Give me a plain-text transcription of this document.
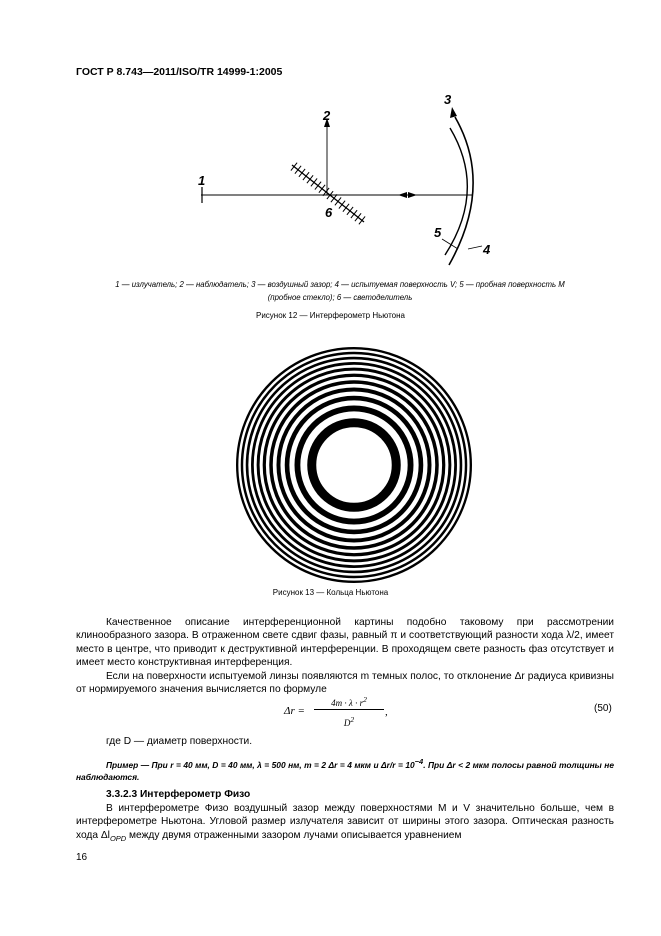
ГОСТ Р 8.743—2011/ISO/TR 14999-1:2005
1
2
3
4
5
6
1 — излучатель; 2 — наблюдатель; 3 — воздушный зазор; 4 — испытуемая поверхность V; 5 — пробная поверхность M
(пробное стекло); 6 — светоделитель
Рисунок 12 — Интерферометр Ньютона
Рисунок 13 — Кольца Ньютона
Качественное описание интерференционной картины подобно таковому при рассмотрении клинообразного зазора. В отраженном свете сдвиг фазы, равный π и соответствующий разности хода λ/2, имеет место в центре, что приводит к деструктивной интерференции. В проходящем свете разность фаз отсутствует и имеет место конструктивная интерференция.
Если на поверхности испытуемой линзы появляются m темных полос, то отклонение Δr радиуса кривизны от нормируемого значения вычисляется по формуле
Δr =
$4m \cdot \lambda \cdot r^2$
$D^2$
,	(50)
где D — диаметр поверхности.
Пример — При r = 40 мм, D = 40 мм, λ = 500 нм, m = 2 Δr = 4 мкм и $\Delta r/r = 10^{-4}$. При Δr < 2 мкм полосы равной толщины не наблюдаются.
3.3.2.3 Интерферометр Физо
В интерферометре Физо воздушный зазор между поверхностями M и V значительно больше, чем в интерферометре Ньютона. Угловой размер излучателя зависит от ширины этого зазора. Оптическая разность хода $\Delta l_{OPD}$ между двумя отраженными зазором лучами описывается уравнением
16
